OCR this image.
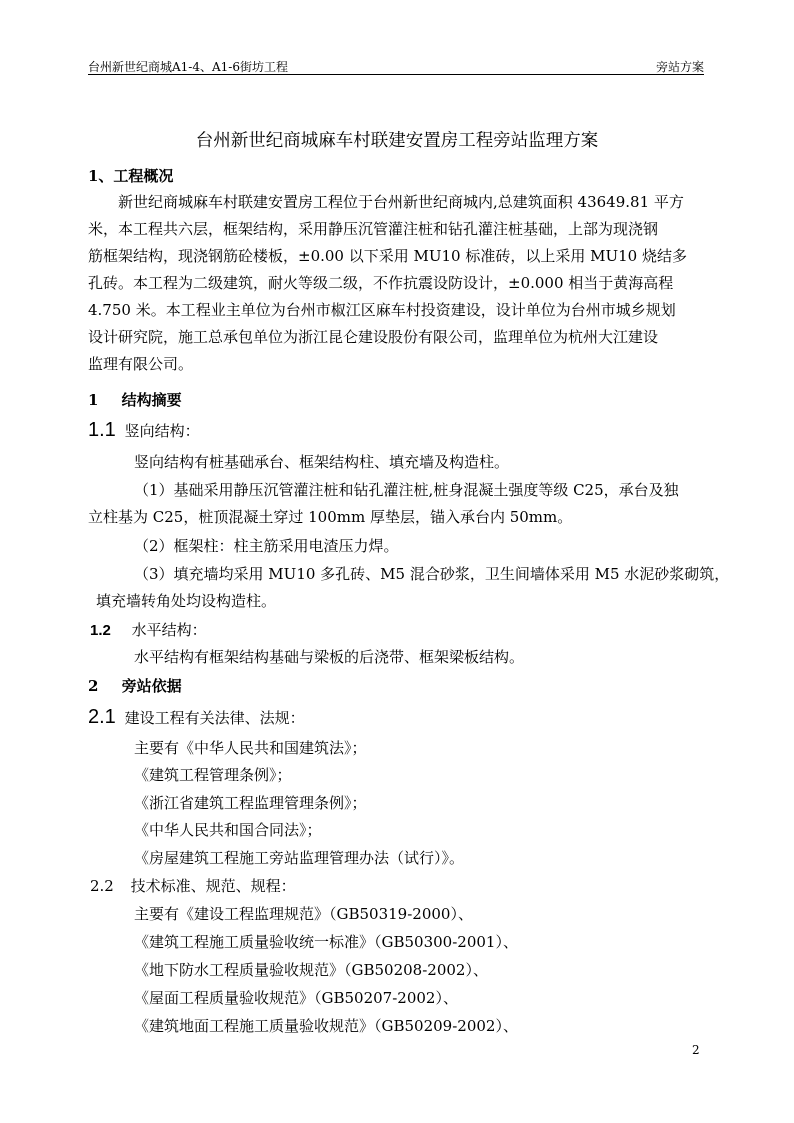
台州新世纪商城A1-4、A1-6街坊工程	旁站方案
台州新世纪商城麻车村联建安置房工程旁站监理方案
1、工程概况
新世纪商城麻车村联建安置房工程位于台州新世纪商城内,总建筑面积 43649.81 平方
米，本工程共六层，框架结构，采用静压沉管灌注桩和钻孔灌注桩基础，上部为现浇钢
筋框架结构，现浇钢筋砼楼板，±0.00 以下采用 MU10 标准砖，以上采用 MU10 烧结多
孔砖。本工程为二级建筑，耐火等级二级，不作抗震设防设计，±0.000 相当于黄海高程
4.750 米。本工程业主单位为台州市椒江区麻车村投资建设，设计单位为台州市城乡规划
设计研究院，施工总承包单位为浙江昆仑建设股份有限公司，监理单位为杭州大江建设
监理有限公司。
1 结构摘要
1.1 竖向结构：
竖向结构有桩基础承台、框架结构柱、填充墙及构造柱。
（1）基础采用静压沉管灌注桩和钻孔灌注桩,桩身混凝土强度等级 C25，承台及独
立柱基为 C25，桩顶混凝土穿过 100mm 厚垫层，锚入承台内 50mm。
（2）框架柱：柱主筋采用电渣压力焊。
（3）填充墙均采用 MU10 多孔砖、M5 混合砂浆，卫生间墙体采用 M5 水泥砂浆砌筑，
填充墙转角处均设构造柱。
1.2 水平结构：
水平结构有框架结构基础与梁板的后浇带、框架梁板结构。
2 旁站依据
2.1 建设工程有关法律、法规：
主要有《中华人民共和国建筑法》；
《建筑工程管理条例》；
《浙江省建筑工程监理管理条例》；
《中华人民共和国合同法》；
《房屋建筑工程施工旁站监理管理办法（试行）》。
2.2 技术标准、规范、规程：
主要有《建设工程监理规范》（GB50319-2000）、
《建筑工程施工质量验收统一标准》（GB50300-2001）、
《地下防水工程质量验收规范》（GB50208-2002）、
《屋面工程质量验收规范》（GB50207-2002）、
《建筑地面工程施工质量验收规范》（GB50209-2002）、
2
